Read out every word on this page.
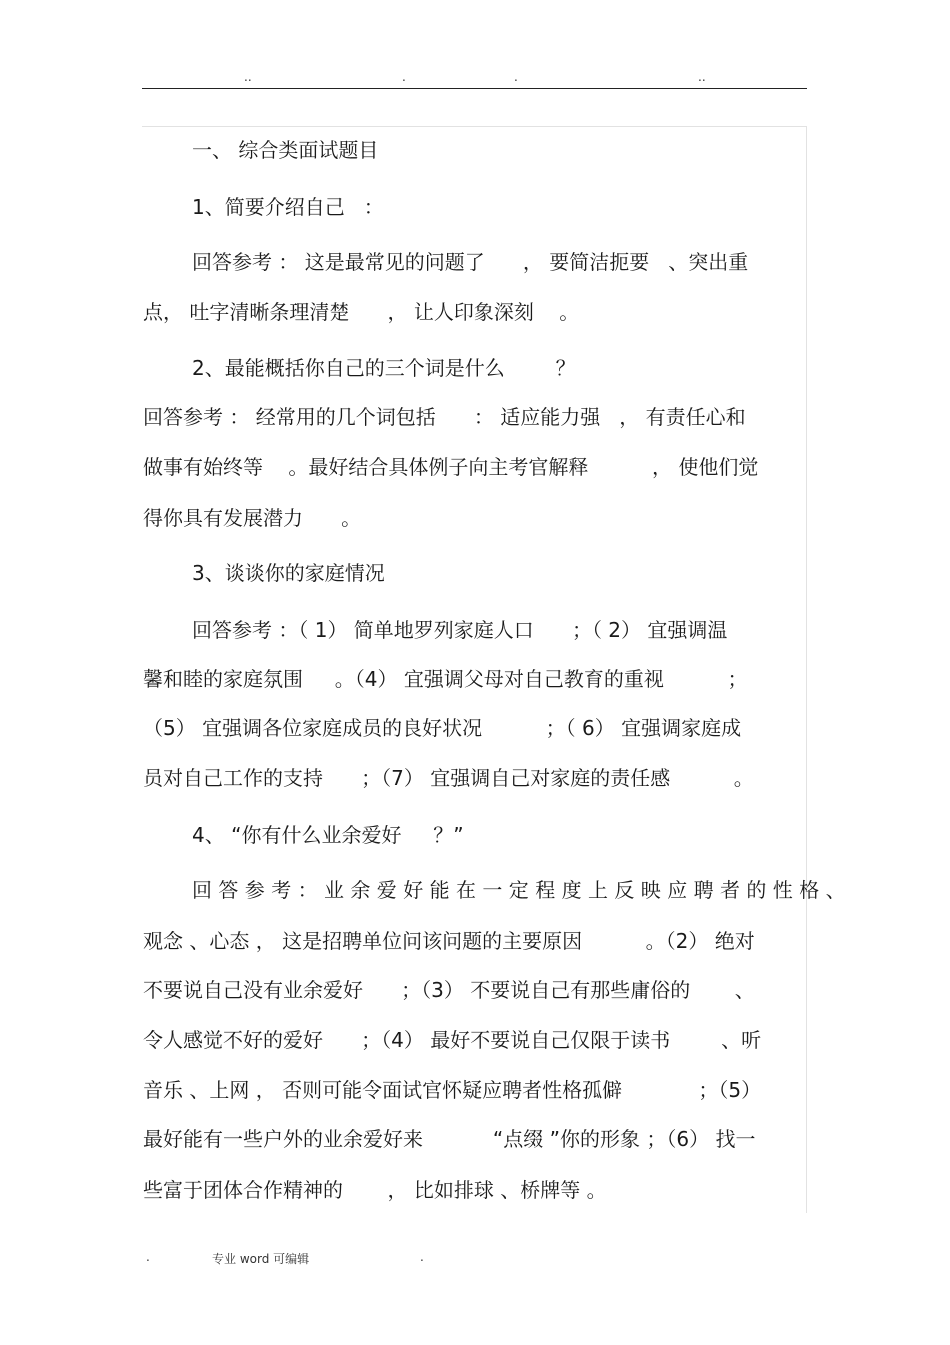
..	.	.	..
一、 综合类面试题目
1、简要介绍自己   ：
回答参考 ： 这是最常见的问题了      ， 要简洁扼要   、突出重
点， 吐字清晰条理清楚      ， 让人印象深刻    。
2、最能概括你自己的三个词是什么        ？
回答参考 ： 经常用的几个词包括      ： 适应能力强   ， 有责任心和
做事有始终等    。最好结合具体例子向主考官解释          ， 使他们觉
得你具有发展潜力      。
3、谈谈你的家庭情况
回答参考 ：（ 1） 简单地罗列家庭人口      ；（ 2） 宜强调温
馨和睦的家庭氛围     。（4） 宜强调父母对自己教育的重视          ；
（5） 宜强调各位家庭成员的良好状况          ；（ 6） 宜强调家庭成
员对自己工作的支持      ；（7） 宜强调自己对家庭的责任感          。
4、 “你有什么业余爱好     ？”
回答参考：业余爱好能在一定程度上反映应聘者的性格、
观念 、心态 ， 这是招聘单位问该问题的主要原因          。（2） 绝对
不要说自己没有业余爱好      ；（3） 不要说自己有那些庸俗的       、
令人感觉不好的爱好      ；（4） 最好不要说自己仅限于读书        、听
音乐 、上网 ， 否则可能令面试官怀疑应聘者性格孤僻            ；（5）
最好能有一些户外的业余爱好来           “点缀 ”你的形象 ；（6） 找一
些富于团体合作精神的       ， 比如排球 、桥牌等 。
.	专业 word 可编辑	.
